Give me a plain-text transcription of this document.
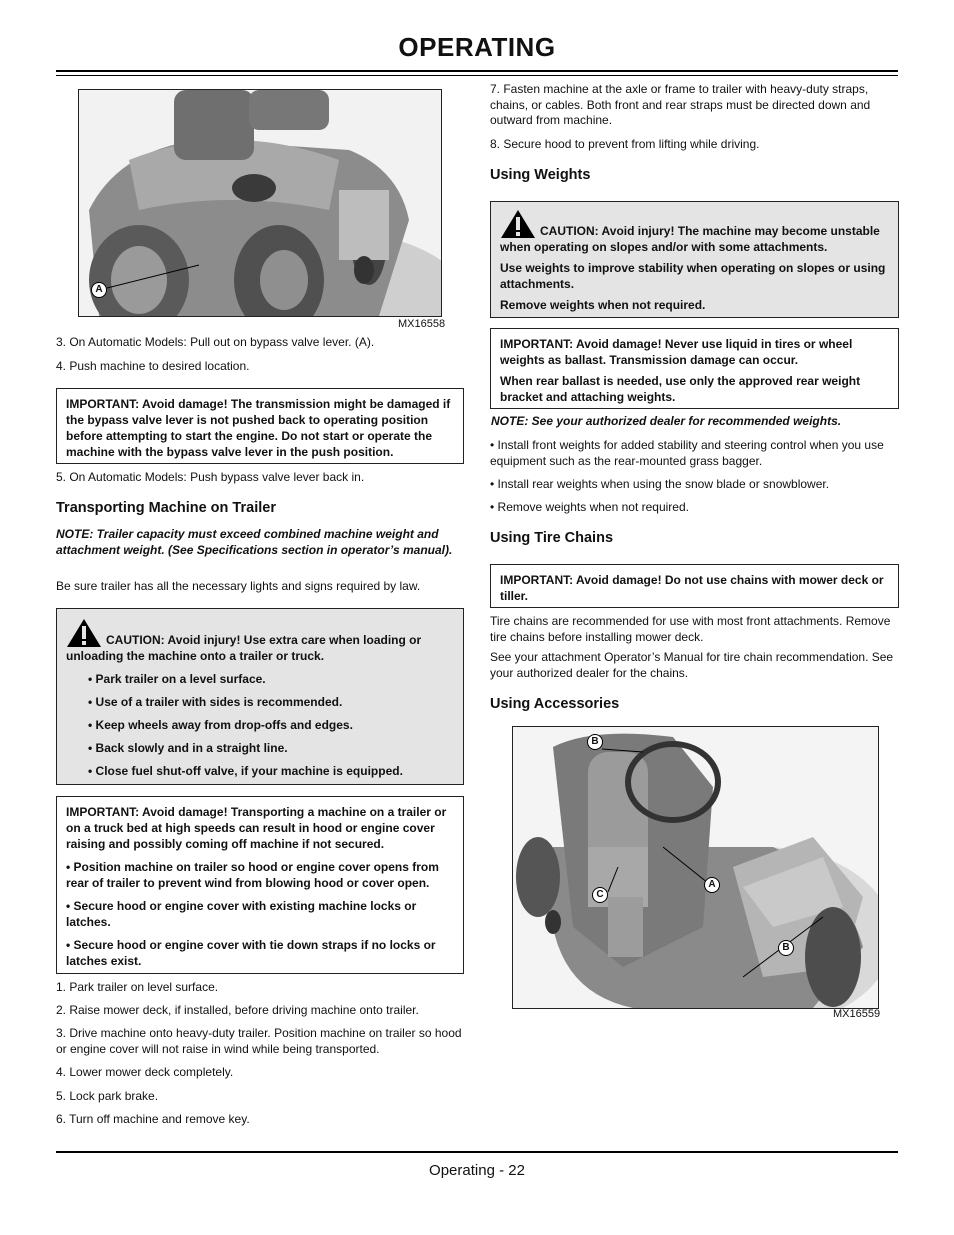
OPERATING
A
MX16558

3. On Automatic Models: Pull out on bypass valve lever. (A).

4. Push machine to desired location.

IMPORTANT: Avoid damage! The transmission might be damaged if the bypass valve lever is not pushed back to operating position before attempting to start the engine. Do not start or operate the machine with the bypass valve lever in the push position.

5. On Automatic Models: Push bypass valve lever back in.

Transporting Machine on Trailer

NOTE: Trailer capacity must exceed combined machine weight and attachment weight. (See Specifications section in operator’s manual).

Be sure trailer has all the necessary lights and signs required by law.

CAUTION: Avoid injury! Use extra care when loading or unloading the machine onto a trailer or truck.

• Park trailer on a level surface.

• Use of a trailer with sides is recommended.

• Keep wheels away from drop-offs and edges.

• Back slowly and in a straight line.

• Close fuel shut-off valve, if your machine is equipped.

IMPORTANT: Avoid damage! Transporting a machine on a trailer or on a truck bed at high speeds can result in hood or engine cover raising and possibly coming off machine if not secured.

• Position machine on trailer so hood or engine cover opens from rear of trailer to prevent wind from blowing hood or cover open.

• Secure hood or engine cover with existing machine locks or latches.

• Secure hood or engine cover with tie down straps if no locks or latches exist.

1. Park trailer on level surface.

2. Raise mower deck, if installed, before driving machine onto trailer.

3. Drive machine onto heavy-duty trailer. Position machine on trailer so hood or engine cover will not raise in wind while being transported.

4. Lower mower deck completely.

5. Lock park brake.

6. Turn off machine and remove key.

7. Fasten machine at the axle or frame to trailer with heavy-duty straps, chains, or cables. Both front and rear straps must be directed down and outward from machine.

8. Secure hood to prevent from lifting while driving.

Using Weights

CAUTION: Avoid injury! The machine may become unstable when operating on slopes and/or with some attachments.

Use weights to improve stability when operating on slopes or using attachments.

Remove weights when not required.

IMPORTANT: Avoid damage! Never use liquid in tires or wheel weights as ballast. Transmission damage can occur.

When rear ballast is needed, use only the approved rear weight bracket and attaching weights.

NOTE: See your authorized dealer for recommended weights.

• Install front weights for added stability and steering control when you use equipment such as the rear-mounted grass bagger.

• Install rear weights when using the snow blade or snowblower.

• Remove weights when not required.

Using Tire Chains

IMPORTANT: Avoid damage! Do not use chains with mower deck or tiller.

Tire chains are recommended for use with most front attachments. Remove tire chains before installing mower deck.

See your attachment Operator’s Manual for tire chain recommendation. See your authorized dealer for the chains.

Using Accessories
B
A
C
B
MX16559
Operating - 22
